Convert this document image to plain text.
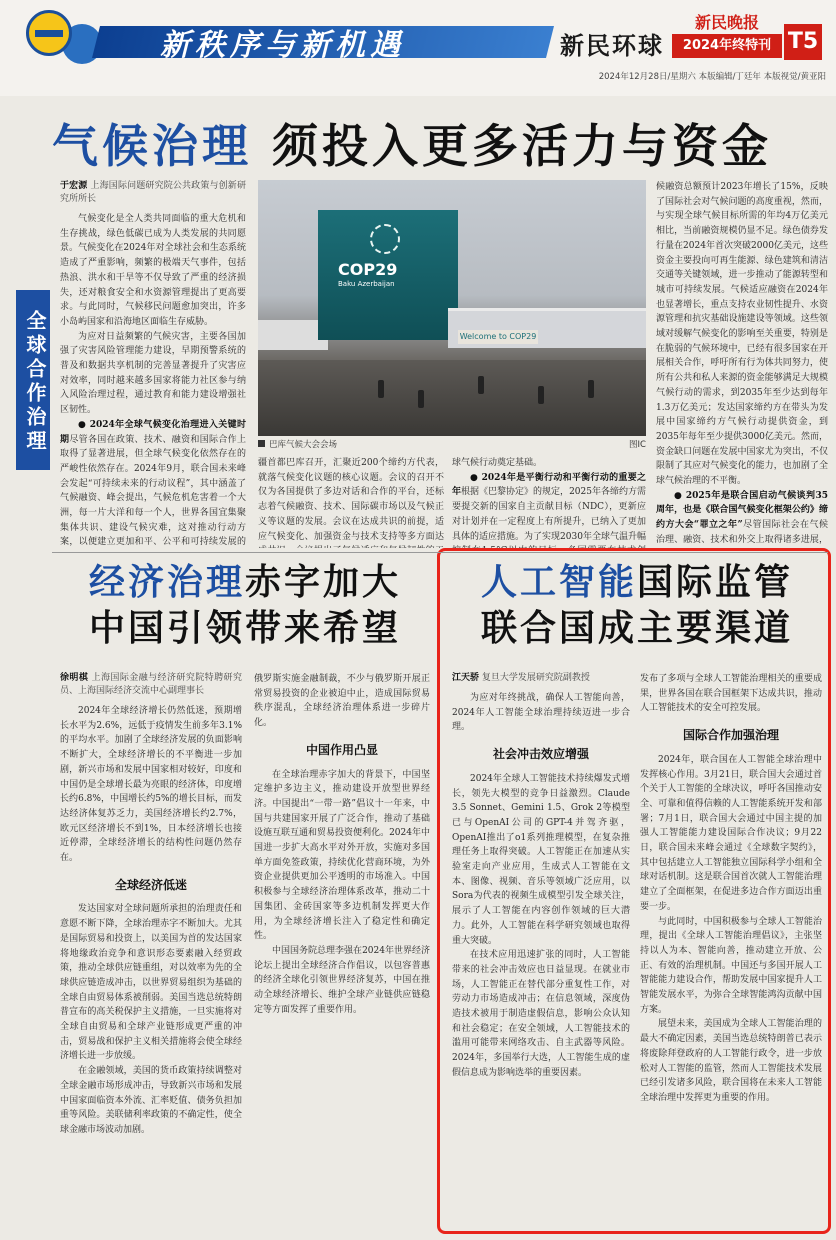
新秩序与新机遇	新民环球
新民晚报
2024年终特刊 T5
2024年12月28日/星期六 本版编辑/丁廷年 本版视觉/黄亚阳
气候治理 须投入更多活力与资金
全球合作治理
于宏源 上海国际问题研究院公共政策与创新研究所所长

气候变化是全人类共同面临的重大危机和生存挑战，绿色低碳已成为人类发展的共同愿景。气候变化在2024年对全球社会和生态系统造成了严重影响，频繁的极端天气事件，包括热浪、洪水和干旱等不仅导致了严重的经济损失，还对粮食安全和水资源管理提出了更高要求。与此同时，气候移民问题愈加突出，许多小岛屿国家和沿海地区面临生存威胁。

为应对日益频繁的气候灾害，主要各国加强了灾害风险管理能力建设，早期预警系统的普及和数据共享机制的完善显著提升了灾害应对效率，同时越来越多国家将能力社区参与纳入风险治理过程，通过教育和能力建设增强社区韧性。

● 2024年全球气候变化治理进入关键时期尽管各国在政策、技术、融资和国际合作上取得了显著进展，但全球气候变化依然存在的严峻性依然存在。2024年9月，联合国未来峰会发起“可持续未来的行动议程”，其中涵盖了气候融资、峰会提出，气候危机危害着一个大洲，每一片大洋和每一个人，世界各国宜集聚集体共识、建设气候灾难，这对推动行动方案，以便建立更加和平、公平和可持续发展的

COP29
Baku Azerbaijan
Welcome to COP29
巴库气候大会会场	图IC

疆首都巴库召开，汇聚近200个缔约方代表，就落气候变化议题的核心议题。会议的召开不仅为各国提供了多边对话和合作的平台，还标志着气候融资、技术、国际碳市场以及气候正义等议题的发展。会议在达成共识的前提，适应气候变化、加强资金与技术支持等多方面达

球气候行动奠定基础。

● 2024年是平衡行动和平衡行动的重要之年根据《巴黎协定》的规定，2025年各缔约方需要提交新的国家自主贡献目标（NDC），更新应对计划并在一定程度上有所提升，已纳入了更加具体的适应措施。为了实现2030年全球气温升幅

候融资总额预计2023年增长了15%，反映了国际社会对气候问题的高度重视，然而，与实现全球气候目标所需的年均4万亿美元相比，当前融资规模仍显不足。绿色债券发行量在2024年首次突破2000亿美元，这些资金主要投向可再生能源、绿色建筑和清洁交通等关键领域，进一步推动了能源转型和城市可持续发展。气候适应融资在2024年也显著增长，重点支持农业韧性提升、水资源管理和抗灾基础设施建设等领域。这些领域对缓解气候变化的影响至关重要，特别是在脆弱的气候环境中，已经有很多国家在开展相关合作，呼吁所有行为体共同努力，使所有公共和私人来源的资金能够满足大规模气候行动的需求，到2035年至少达到每年1.3万亿美元；发达国家缔约方在带头为发展中国家缔约方气候行动提供资金，到2035年每年至少提供3000亿美元。然而，资金缺口问题在发展中国家尤为突出，不仅限制了其应对气候变化的能力，也加剧了全球气候治理的不平衡。

● 2025年是联合国启动气候谈判35周年，也是《联合国气候变化框架公约》缔约方大会“罪立之年”尽管国际社会在气候治理、融资、技术和外交上取得诸多进展，

经济治理赤字加大
中国引领带来希望
徐明棋 上海国际金融与经济研究院特聘研究员、上海国际经济交流中心副理事长

2024年全球经济增长仍然低迷，预期增长水平为2.6%，远低于疫情发生前多年3.1%的平均水平。加剧了全球经济发展的负面影响不断扩大，全球经济增长的不平衡进一步加剧，新兴市场和发展中国家相对较好，印度和中国仍是全球增长最为亮眼的经济体，印度增长约6.8%，中国增长约5%的增长目标，而发达经济体复苏乏力，美国经济增长约2.7%，欧元区经济增长不到1%，日本经济增长也接近停滞，全球经济增长的结构性问题仍然存在。

全球经济低迷

发达国家对全球问题所承担的治理责任和意愿不断下降，全球治理赤字不断加大。尤其是国际贸易和投资上，以美国为首的发达国家将地缘政治竞争和意识形态要素融入经贸政策，推动全球供应链重组，对以效率为先的全球供应链造成冲击，以世界贸易组织为基础的全球自由贸易体系被削弱。美国当选总统特朗普宣布的高关税保护主义措施，一旦实施将对全球自由贸易和全球产业链形成更严重的冲击，贸易战和保护主义相关措施将会使全球经济增长进一步放缓。

在金融领域，美国的货币政策持续调整对全球金融市场形成冲击，导致新兴市场和发展中国家面临资本外流、汇率贬值、债务负担加重等风险。美联储利率政策的不确定性，使全球金融市场波动加剧。

俄罗斯实施金融制裁，不少与俄罗斯开展正常贸易投资的企业被迫中止，造成国际贸易秩序混乱，全球经济治理体系进一步碎片化。

中国作用凸显

在全球治理赤字加大的背景下，中国坚定维护多边主义，推动建设开放型世界经济。中国提出“一带一路”倡议十一年来，中国与共建国家开展了广泛合作，推动了基础设施互联互通和贸易投资便利化。2024年中国进一步扩大高水平对外开放，实施对多国单方面免签政策，持续优化营商环境，为外资企业提供更加公平透明的市场准入。中国积极参与全球经济治理体系改革，推动二十国集团、金砖国家等多边机制发挥更大作用，为全球经济增长注入了稳定性和确定性。

中国国务院总理李强在2024年世界经济论坛上提出全球经济合作倡议，以包容普惠的经济全球化引领世界经济复苏，中国在推动全球经济增长、维护全球产业链供应链稳定等方面发挥了重要作用。

人工智能国际监管
联合国成主要渠道
江天骄 复旦大学发展研究院副教授

为应对年终挑战，确保人工智能向善，2024年人工智能全球治理持续迈进一步合理。

社会冲击效应增强

2024年全球人工智能技术持续爆发式增长，领先大模型的竞争日益激烈。Claude 3.5 Sonnet、Gemini 1.5、Grok 2等模型已与OpenAI公司的GPT-4并驾齐驱，OpenAI推出了o1系列推理模型，在复杂推理任务上取得突破。人工智能正在加速从实验室走向产业应用，生成式人工智能在文本、图像、视频、音乐等领域广泛应用，以Sora为代表的视频生成模型引发全球关注，展示了人工智能在内容创作领域的巨大潜力。此外，人工智能在科学研究领域也取得重大突破。

在技术应用迅速扩张的同时，人工智能带来的社会冲击效应也日益显现。在就业市场，人工智能正在替代部分重复性工作，对劳动力市场造成冲击；在信息领域，深度伪造技术被用于制造虚假信息，影响公众认知和社会稳定；在安全领域，人工智能技术的滥用可能带来网络攻击、自主武器等风险。2024年，多国举行大选，人工智能生成的虚假信息成为影响选举的重要因素。

发布了多项与全球人工智能治理相关的重要成果，世界各国在联合国框架下达成共识，推动人工智能技术的安全可控发展。

国际合作加强治理

2024年，联合国在人工智能全球治理中发挥核心作用。3月21日，联合国大会通过首个关于人工智能的全球决议，呼吁各国推动安全、可靠和值得信赖的人工智能系统开发和部署；7月1日，联合国大会通过中国主提的加强人工智能能力建设国际合作决议；9月22日，联合国未来峰会通过《全球数字契约》，其中包括建立人工智能独立国际科学小组和全球对话机制。这是联合国首次就人工智能治理建立了全面框架，在促进多边合作方面迈出重要一步。

与此同时，中国积极参与全球人工智能治理，提出《全球人工智能治理倡议》，主张坚持以人为本、智能向善，推动建立开放、公正、有效的治理机制。中国还与多国开展人工智能能力建设合作，帮助发展中国家提升人工智能发展水平，为弥合全球智能鸿沟贡献中国方案。

展望未来，美国成为全球人工智能治理的最大不确定因素，美国当选总统特朗普已表示将废除拜登政府的人工智能行政令，进一步放松对人工智能的监管，然而人工智能技术发展已经引发诸多风险，联合国将在未来人工智能全球治理中发挥更为重要的作用。
